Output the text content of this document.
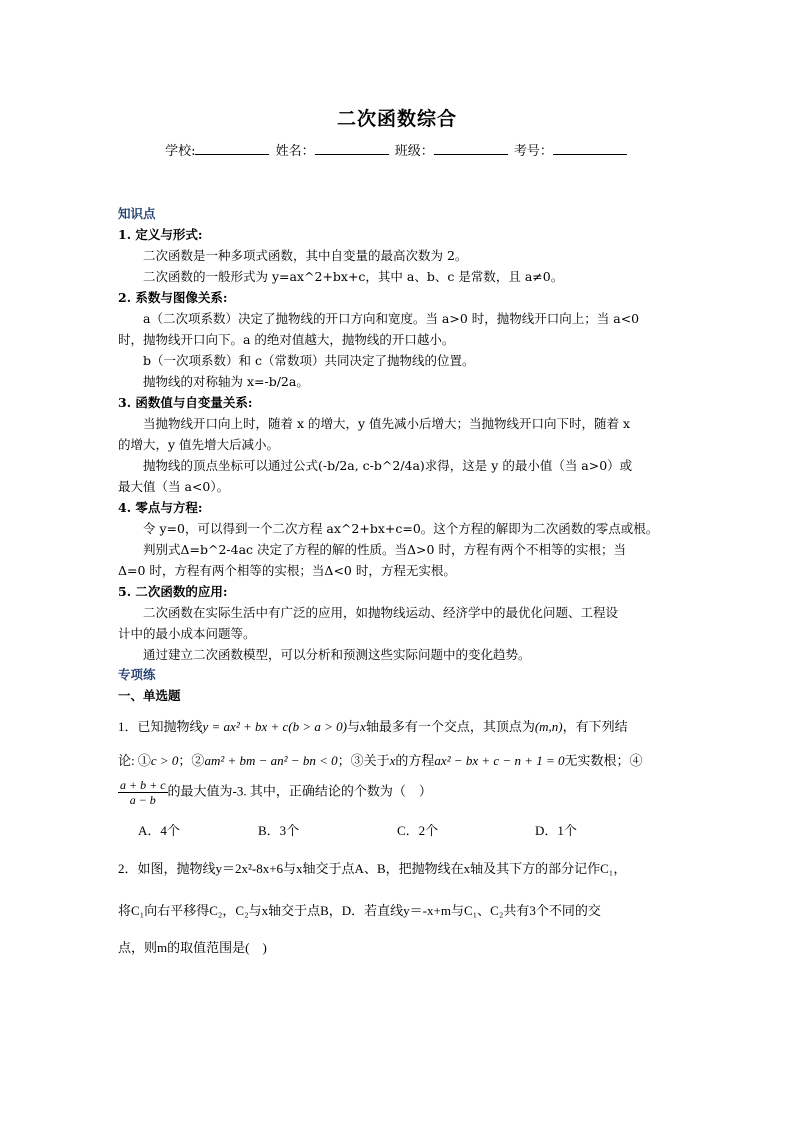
二次函数综合
学校:	姓名：	班级：	考号：
知识点
1. 定义与形式:
二次函数是一种多项式函数，其中自变量的最高次数为 2。
二次函数的一般形式为 y=ax^2+bx+c，其中 a、b、c 是常数，且 a≠0。
2. 系数与图像关系:
a（二次项系数）决定了抛物线的开口方向和宽度。当 a>0 时，抛物线开口向上；当 a<0
时，抛物线开口向下。a 的绝对值越大，抛物线的开口越小。
b（一次项系数）和 c（常数项）共同决定了抛物线的位置。
抛物线的对称轴为 x=-b/2a。
3. 函数值与自变量关系:
当抛物线开口向上时，随着 x 的增大，y 值先减小后增大；当抛物线开口向下时，随着 x
的增大，y 值先增大后减小。
抛物线的顶点坐标可以通过公式(-b/2a, c-b^2/4a)求得，这是 y 的最小值（当 a>0）或
最大值（当 a<0）。
4. 零点与方程:
令 y=0，可以得到一个二次方程 ax^2+bx+c=0。这个方程的解即为二次函数的零点或根。
判别式Δ=b^2-4ac 决定了方程的解的性质。当Δ>0 时，方程有两个不相等的实根；当
Δ=0 时，方程有两个相等的实根；当Δ<0 时，方程无实根。
5. 二次函数的应用:
二次函数在实际生活中有广泛的应用，如抛物线运动、经济学中的最优化问题、工程设
计中的最小成本问题等。
通过建立二次函数模型，可以分析和预测这些实际问题中的变化趋势。
专项练
一、单选题
1．已知抛物线y = ax² + bx + c(b > a > 0)与x轴最多有一个交点，其顶点为(m,n)，有下列结
论: ①c > 0；②am² + bm − an² − bn < 0；③关于x的方程ax² − bx + c − n + 1 = 0无实数根；④
$\frac{a + b + c}{a - b}$ 的最大值为-3. 其中，正确结论的个数为（　）
A．4个	B．3个	C．2个	D．1个
2．如图，抛物线y＝2x²-8x+6与x轴交于点A、B，把抛物线在x轴及其下方的部分记作C₁，
将C₁向右平移得C₂，C₂与x轴交于点B，D．若直线y＝-x+m与C₁、C₂共有3个不同的交
点，则m的取值范围是(　)
